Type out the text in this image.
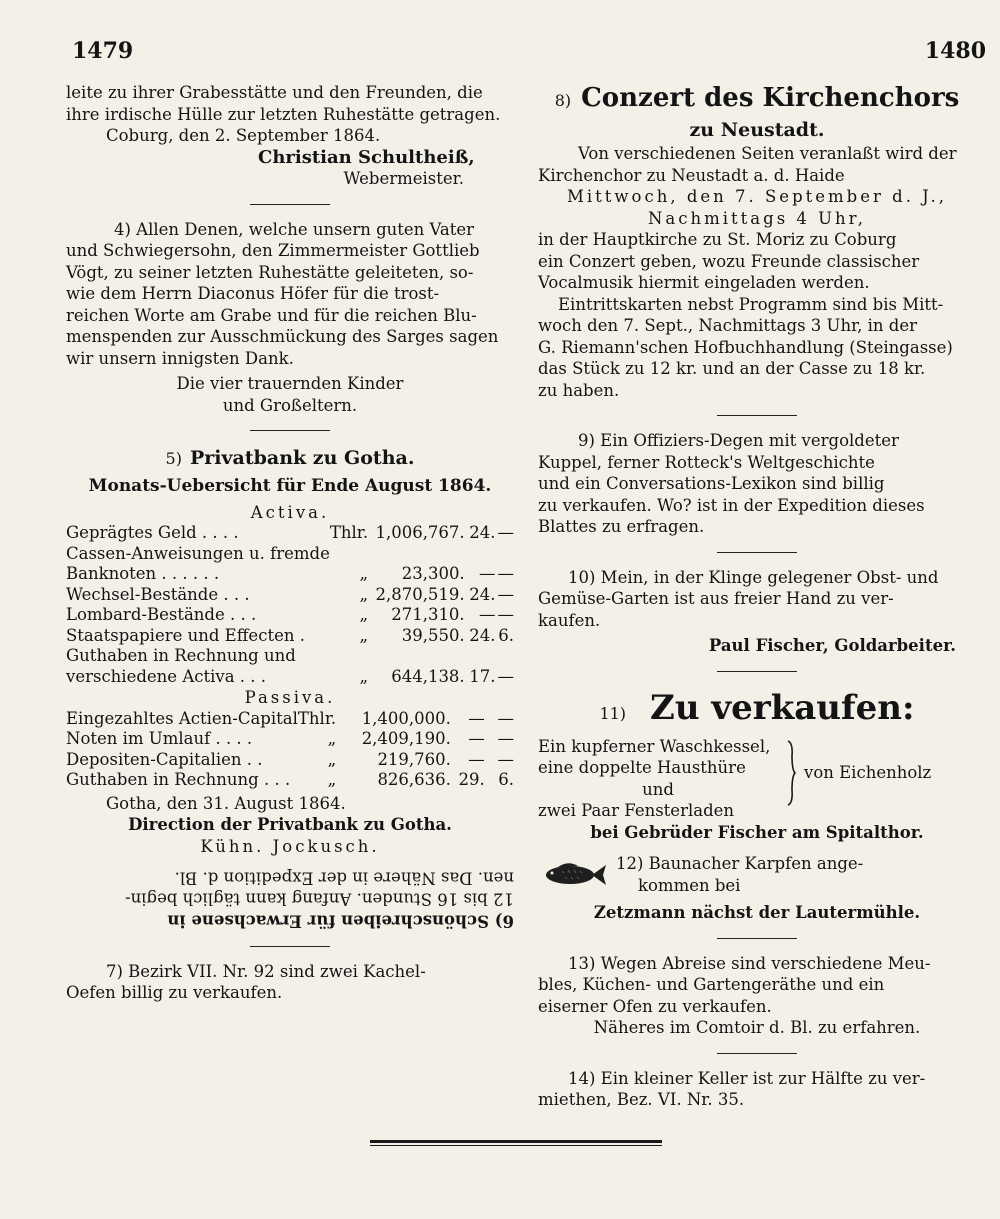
1479	1480
leite zu ihrer Grabesstätte und den Freunden, die
ihre irdische Hülle zur letzten Ruhestätte getragen.
Coburg, den 2. September 1864.
Christian Schultheiß,
Webermeister.
4) Allen Denen, welche unsern guten Vater
und Schwiegersohn, den Zimmermeister Gottlieb
Vögt, zu seiner letzten Ruhestätte geleiteten, so-
wie dem Herrn Diaconus Höfer für die trost-
reichen Worte am Grabe und für die reichen Blu-
menspenden zur Ausschmückung des Sarges sagen
wir unsern innigsten Dank.
Die vier trauernden Kinder
und Großeltern.
5) Privatbank zu Gotha.
Monats-Uebersicht für Ende August 1864.
Activa.
Geprägtes Geld . . . .	Thlr.	1,006,767.	24.	—
Cassen-Anweisungen u. fremde				
Banknoten . . . . . .	„	23,300.	—	—
Wechsel-Bestände . . .	„	2,870,519.	24.	—
Lombard-Bestände . . .	„	271,310.	—	—
Staatspapiere und Effecten .	„	39,550.	24.	6.
Guthaben in Rechnung und				
verschiedene Activa . . .	„	644,138.	17.	—
Passiva.
Eingezahltes Actien-Capital	Thlr.	1,400,000.	—	—
Noten im Umlauf . . . .	„	2,409,190.	—	—
Depositen-Capitalien . .	„	219,760.	—	—
Guthaben in Rechnung . . .	„	826,636.	29.	6.
Gotha, den 31. August 1864.
Direction der Privatbank zu Gotha.
Kühn. Jockusch.
6) Schönschreiben für Erwachsene in
12 bis 16 Stunden. Anfang kann täglich begin-
nen. Das Nähere in der Expedition d. Bl.
7) Bezirk VII. Nr. 92 sind zwei Kachel-
Oefen billig zu verkaufen.
8) Conzert des Kirchenchors
zu Neustadt.
Von verschiedenen Seiten veranlaßt wird der
Kirchenchor zu Neustadt a. d. Haide
Mittwoch, den 7. September d. J.,
Nachmittags 4 Uhr,
in der Hauptkirche zu St. Moriz zu Coburg
ein Conzert geben, wozu Freunde classischer
Vocalmusik hiermit eingeladen werden.
Eintrittskarten nebst Programm sind bis Mitt-
woch den 7. Sept., Nachmittags 3 Uhr, in der
G. Riemann'schen Hofbuchhandlung (Steingasse)
das Stück zu 12 kr. und an der Casse zu 18 kr.
zu haben.
9) Ein Offiziers-Degen mit vergoldeter
Kuppel, ferner Rotteck's Weltgeschichte
und ein Conversations-Lexikon sind billig
zu verkaufen. Wo? ist in der Expedition dieses
Blattes zu erfragen.
10) Mein, in der Klinge gelegener Obst- und
Gemüse-Garten ist aus freier Hand zu ver-
kaufen.
Paul Fischer, Goldarbeiter.
11) Zu verkaufen:
Ein kupferner Waschkessel,
eine doppelte Hausthüre
und
zwei Paar Fensterladen
von Eichenholz
bei Gebrüder Fischer am Spitalthor.
12) Baunacher Karpfen ange-
kommen bei
Zetzmann nächst der Lautermühle.
13) Wegen Abreise sind verschiedene Meu-
bles, Küchen- und Gartengeräthe und ein
eiserner Ofen zu verkaufen.
Näheres im Comtoir d. Bl. zu erfahren.
14) Ein kleiner Keller ist zur Hälfte zu ver-
miethen, Bez. VI. Nr. 35.
